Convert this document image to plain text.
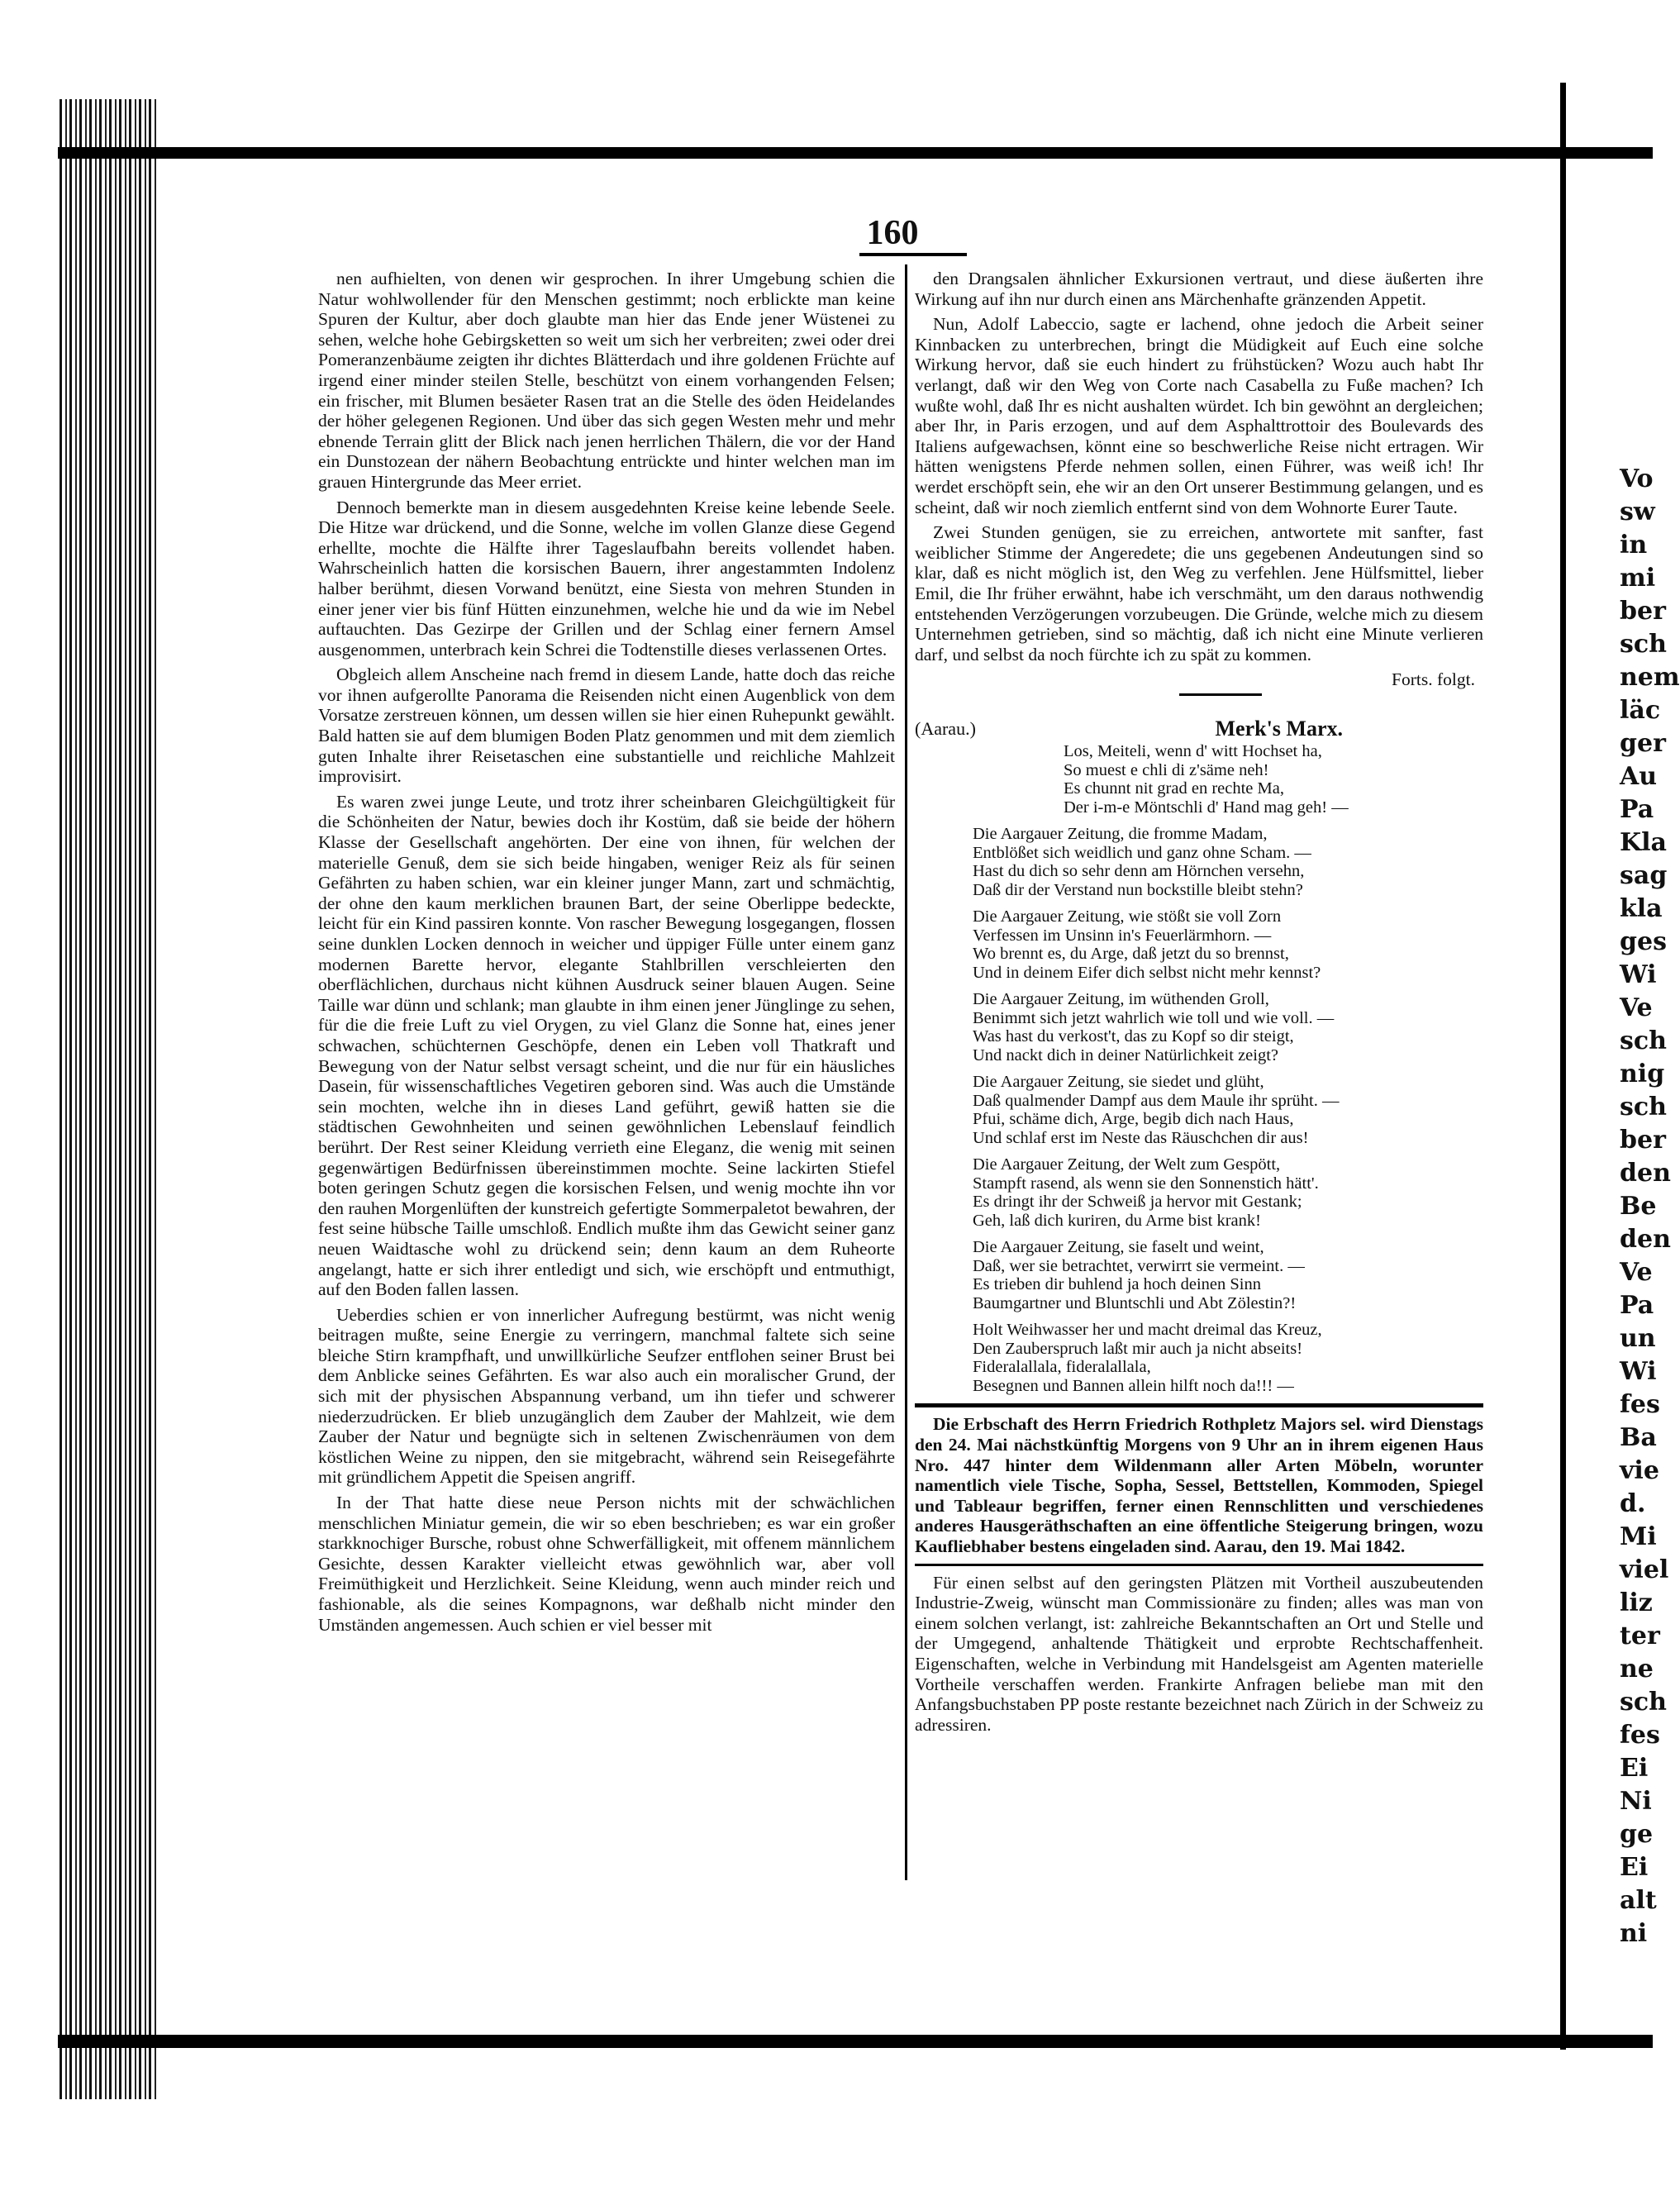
Vo
sw
in
mi
ber
sch
nem
läc
ger
Au
Pa
Kla
sag
kla
ges
Wi
Ve
sch
nig
sch
ber
den
Be
den
Ve
Pa
un
Wi
fes
Ba
vie
d.
Mi
viel
liz
ter
ne
sch
fes
Ei
Ni
ge
Ei
alt
ni
160

nen aufhielten, von denen wir gesprochen. In ihrer Umgebung schien die Natur wohlwollender für den Menschen gestimmt; noch erblickte man keine Spuren der Kultur, aber doch glaubte man hier das Ende jener Wüstenei zu sehen, welche hohe Gebirgsketten so weit um sich her verbreiten; zwei oder drei Pomeranzenbäume zeigten ihr dichtes Blätterdach und ihre goldenen Früchte auf irgend einer minder steilen Stelle, beschützt von einem vorhangenden Felsen; ein frischer, mit Blumen besäeter Rasen trat an die Stelle des öden Heidelandes der höher gelegenen Regionen. Und über das sich gegen Westen mehr und mehr ebnende Terrain glitt der Blick nach jenen herrlichen Thälern, die vor der Hand ein Dunstozean der nähern Beobachtung entrückte und hinter welchen man im grauen Hintergrunde das Meer erriet.

Dennoch bemerkte man in diesem ausgedehnten Kreise keine lebende Seele. Die Hitze war drückend, und die Sonne, welche im vollen Glanze diese Gegend erhellte, mochte die Hälfte ihrer Tageslaufbahn bereits vollendet haben. Wahrscheinlich hatten die korsischen Bauern, ihrer angestammten Indolenz halber berühmt, diesen Vorwand benützt, eine Siesta von mehren Stunden in einer jener vier bis fünf Hütten einzunehmen, welche hie und da wie im Nebel auftauchten. Das Gezirpe der Grillen und der Schlag einer fernern Amsel ausgenommen, unterbrach kein Schrei die Todtenstille dieses verlassenen Ortes.

Obgleich allem Anscheine nach fremd in diesem Lande, hatte doch das reiche vor ihnen aufgerollte Panorama die Reisenden nicht einen Augenblick von dem Vorsatze zerstreuen können, um dessen willen sie hier einen Ruhepunkt gewählt. Bald hatten sie auf dem blumigen Boden Platz genommen und mit dem ziemlich guten Inhalte ihrer Reisetaschen eine substantielle und reichliche Mahlzeit improvisirt.

Es waren zwei junge Leute, und trotz ihrer scheinbaren Gleichgültigkeit für die Schönheiten der Natur, bewies doch ihr Kostüm, daß sie beide der höhern Klasse der Gesellschaft angehörten. Der eine von ihnen, für welchen der materielle Genuß, dem sie sich beide hingaben, weniger Reiz als für seinen Gefährten zu haben schien, war ein kleiner junger Mann, zart und schmächtig, der ohne den kaum merklichen braunen Bart, der seine Oberlippe bedeckte, leicht für ein Kind passiren konnte. Von rascher Bewegung losgegangen, flossen seine dunklen Locken dennoch in weicher und üppiger Fülle unter einem ganz modernen Barette hervor, elegante Stahlbrillen verschleierten den oberflächlichen, durchaus nicht kühnen Ausdruck seiner blauen Augen. Seine Taille war dünn und schlank; man glaubte in ihm einen jener Jünglinge zu sehen, für die die freie Luft zu viel Orygen, zu viel Glanz die Sonne hat, eines jener schwachen, schüchternen Geschöpfe, denen ein Leben voll Thatkraft und Bewegung von der Natur selbst versagt scheint, und die nur für ein häusliches Dasein, für wissenschaftliches Vegetiren geboren sind. Was auch die Umstände sein mochten, welche ihn in dieses Land geführt, gewiß hatten sie die städtischen Gewohnheiten und seinen gewöhnlichen Lebenslauf feindlich berührt. Der Rest seiner Kleidung verrieth eine Eleganz, die wenig mit seinen gegenwärtigen Bedürfnissen übereinstimmen mochte. Seine lackirten Stiefel boten geringen Schutz gegen die korsischen Felsen, und wenig mochte ihn vor den rauhen Morgenlüften der kunstreich gefertigte Sommerpaletot bewahren, der fest seine hübsche Taille umschloß. Endlich mußte ihm das Gewicht seiner ganz neuen Waidtasche wohl zu drückend sein; denn kaum an dem Ruheorte angelangt, hatte er sich ihrer entledigt und sich, wie erschöpft und entmuthigt, auf den Boden fallen lassen.

Ueberdies schien er von innerlicher Aufregung bestürmt, was nicht wenig beitragen mußte, seine Energie zu verringern, manchmal faltete sich seine bleiche Stirn krampfhaft, und unwillkürliche Seufzer entflohen seiner Brust bei dem Anblicke seines Gefährten. Es war also auch ein moralischer Grund, der sich mit der physischen Abspannung verband, um ihn tiefer und schwerer niederzudrücken. Er blieb unzugänglich dem Zauber der Mahlzeit, wie dem Zauber der Natur und begnügte sich in seltenen Zwischenräumen von dem köstlichen Weine zu nippen, den sie mitgebracht, während sein Reisegefährte mit gründlichem Appetit die Speisen angriff.

In der That hatte diese neue Person nichts mit der schwächlichen menschlichen Miniatur gemein, die wir so eben beschrieben; es war ein großer starkknochiger Bursche, robust ohne Schwerfälligkeit, mit offenem männlichem Gesichte, dessen Karakter vielleicht etwas gewöhnlich war, aber voll Freimüthigkeit und Herzlichkeit. Seine Kleidung, wenn auch minder reich und fashionable, als die seines Kompagnons, war deßhalb nicht minder den Umständen angemessen. Auch schien er viel besser mit

den Drangsalen ähnlicher Exkursionen vertraut, und diese äußerten ihre Wirkung auf ihn nur durch einen ans Märchenhafte gränzenden Appetit.

Nun, Adolf Labeccio, sagte er lachend, ohne jedoch die Arbeit seiner Kinnbacken zu unterbrechen, bringt die Müdigkeit auf Euch eine solche Wirkung hervor, daß sie euch hindert zu frühstücken? Wozu auch habt Ihr verlangt, daß wir den Weg von Corte nach Casabella zu Fuße machen? Ich wußte wohl, daß Ihr es nicht aushalten würdet. Ich bin gewöhnt an dergleichen; aber Ihr, in Paris erzogen, und auf dem Asphalttrottoir des Boulevards des Italiens aufgewachsen, könnt eine so beschwerliche Reise nicht ertragen. Wir hätten wenigstens Pferde nehmen sollen, einen Führer, was weiß ich! Ihr werdet erschöpft sein, ehe wir an den Ort unserer Bestimmung gelangen, und es scheint, daß wir noch ziemlich entfernt sind von dem Wohnorte Eurer Taute.

Zwei Stunden genügen, sie zu erreichen, antwortete mit sanfter, fast weiblicher Stimme der Angeredete; die uns gegebenen Andeutungen sind so klar, daß es nicht möglich ist, den Weg zu verfehlen. Jene Hülfsmittel, lieber Emil, die Ihr früher erwähnt, habe ich verschmäht, um den daraus nothwendig entstehenden Verzögerungen vorzubeugen. Die Gründe, welche mich zu diesem Unternehmen getrieben, sind so mächtig, daß ich nicht eine Minute verlieren darf, und selbst da noch fürchte ich zu spät zu kommen.

Forts. folgt.
(Aarau.)	Merk's Marx.
Los, Meiteli, wenn d' witt Hochset ha,
So muest e chli di z'säme neh!
Es chunnt nit grad en rechte Ma,
Der i-m-e Möntschli d' Hand mag geh! —
Die Aargauer Zeitung, die fromme Madam,
Entblößet sich weidlich und ganz ohne Scham. —
Hast du dich so sehr denn am Hörnchen versehn,
Daß dir der Verstand nun bockstille bleibt stehn?
Die Aargauer Zeitung, wie stößt sie voll Zorn
Verfessen im Unsinn in's Feuerlärmhorn. —
Wo brennt es, du Arge, daß jetzt du so brennst,
Und in deinem Eifer dich selbst nicht mehr kennst?
Die Aargauer Zeitung, im wüthenden Groll,
Benimmt sich jetzt wahrlich wie toll und wie voll. —
Was hast du verkost't, das zu Kopf so dir steigt,
Und nackt dich in deiner Natürlichkeit zeigt?
Die Aargauer Zeitung, sie siedet und glüht,
Daß qualmender Dampf aus dem Maule ihr sprüht. —
Pfui, schäme dich, Arge, begib dich nach Haus,
Und schlaf erst im Neste das Räuschchen dir aus!
Die Aargauer Zeitung, der Welt zum Gespött,
Stampft rasend, als wenn sie den Sonnenstich hätt'.
Es dringt ihr der Schweiß ja hervor mit Gestank;
Geh, laß dich kuriren, du Arme bist krank!
Die Aargauer Zeitung, sie faselt und weint,
Daß, wer sie betrachtet, verwirrt sie vermeint. —
Es trieben dir buhlend ja hoch deinen Sinn
Baumgartner und Bluntschli und Abt Zölestin?!
Holt Weihwasser her und macht dreimal das Kreuz,
Den Zauberspruch laßt mir auch ja nicht abseits!
Fideralallala, fideralallala,
Besegnen und Bannen allein hilft noch da!!! —

Die Erbschaft des Herrn Friedrich Rothpletz Majors sel. wird Dienstags den 24. Mai nächstkünftig Morgens von 9 Uhr an in ihrem eigenen Haus Nro. 447 hinter dem Wildenmann aller Arten Möbeln, worunter namentlich viele Tische, Sopha, Sessel, Bettstellen, Kommoden, Spiegel und Tableaur begriffen, ferner einen Rennschlitten und verschiedenes anderes Hausgeräthschaften an eine öffentliche Steigerung bringen, wozu Kaufliebhaber bestens eingeladen sind. Aarau, den 19. Mai 1842.

Für einen selbst auf den geringsten Plätzen mit Vortheil auszubeutenden Industrie-Zweig, wünscht man Commissionäre zu finden; alles was man von einem solchen verlangt, ist: zahlreiche Bekanntschaften an Ort und Stelle und der Umgegend, anhaltende Thätigkeit und erprobte Rechtschaffenheit. Eigenschaften, welche in Verbindung mit Handelsgeist am Agenten materielle Vortheile verschaffen werden. Frankirte Anfragen beliebe man mit den Anfangsbuchstaben PP poste restante bezeichnet nach Zürich in der Schweiz zu adressiren.
